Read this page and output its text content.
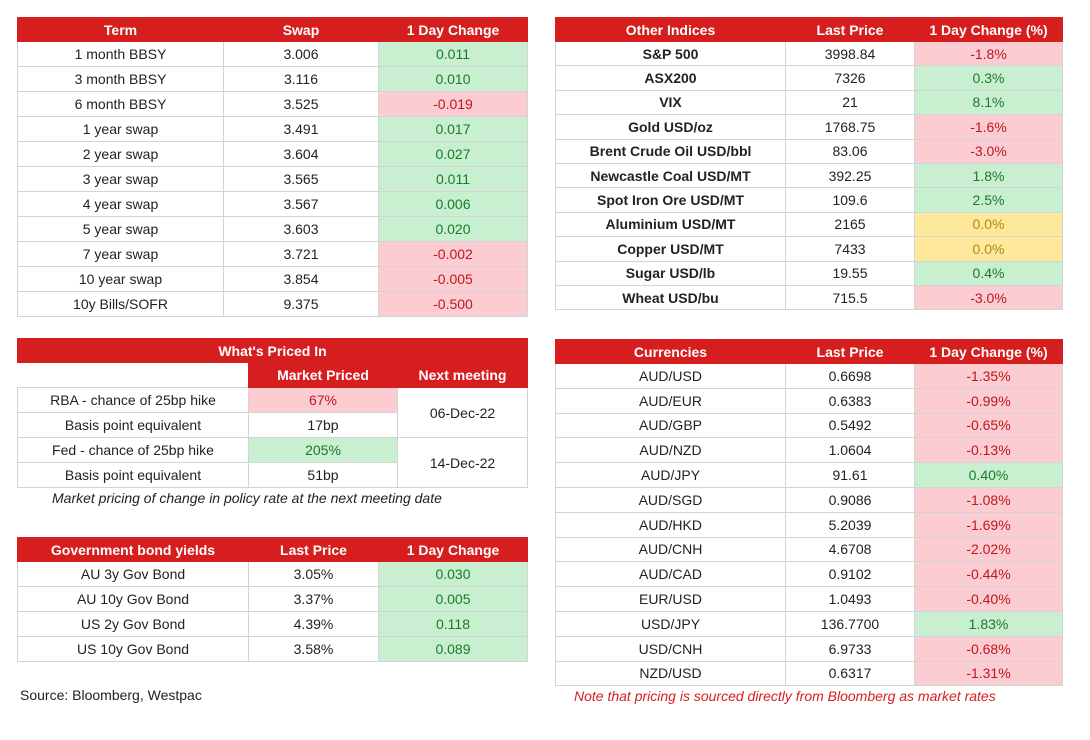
Term	Swap	1 Day Change
1 month BBSY	3.006	0.011
3 month BBSY	3.116	0.010
6 month BBSY	3.525	-0.019
1 year swap	3.491	0.017
2 year swap	3.604	0.027
3 year swap	3.565	0.011
4 year swap	3.567	0.006
5 year swap	3.603	0.020
7 year swap	3.721	-0.002
10 year swap	3.854	-0.005
10y Bills/SOFR	9.375	-0.500
What's Priced In		
	Market Priced	Next meeting
RBA - chance of 25bp hike	67%	06-Dec-22
Basis point equivalent	17bp	
Fed - chance of 25bp hike	205%	14-Dec-22
Basis point equivalent	51bp	
Market pricing of change in policy rate at the next meeting date
Government bond yields	Last Price	1 Day Change
AU 3y Gov Bond	3.05%	0.030
AU 10y Gov Bond	3.37%	0.005
US 2y Gov Bond	4.39%	0.118
US 10y Gov Bond	3.58%	0.089
Source: Bloomberg, Westpac
Other Indices	Last Price	1 Day Change (%)
S&P 500	3998.84	-1.8%
ASX200	7326	0.3%
VIX	21	8.1%
Gold USD/oz	1768.75	-1.6%
Brent Crude Oil USD/bbl	83.06	-3.0%
Newcastle Coal USD/MT	392.25	1.8%
Spot Iron Ore USD/MT	109.6	2.5%
Aluminium USD/MT	2165	0.0%
Copper USD/MT	7433	0.0%
Sugar USD/lb	19.55	0.4%
Wheat USD/bu	715.5	-3.0%
Currencies	Last Price	1 Day Change (%)
AUD/USD	0.6698	-1.35%
AUD/EUR	0.6383	-0.99%
AUD/GBP	0.5492	-0.65%
AUD/NZD	1.0604	-0.13%
AUD/JPY	91.61	0.40%
AUD/SGD	0.9086	-1.08%
AUD/HKD	5.2039	-1.69%
AUD/CNH	4.6708	-2.02%
AUD/CAD	0.9102	-0.44%
EUR/USD	1.0493	-0.40%
USD/JPY	136.7700	1.83%
USD/CNH	6.9733	-0.68%
NZD/USD	0.6317	-1.31%
Note that pricing is sourced directly from Bloomberg as market rates
